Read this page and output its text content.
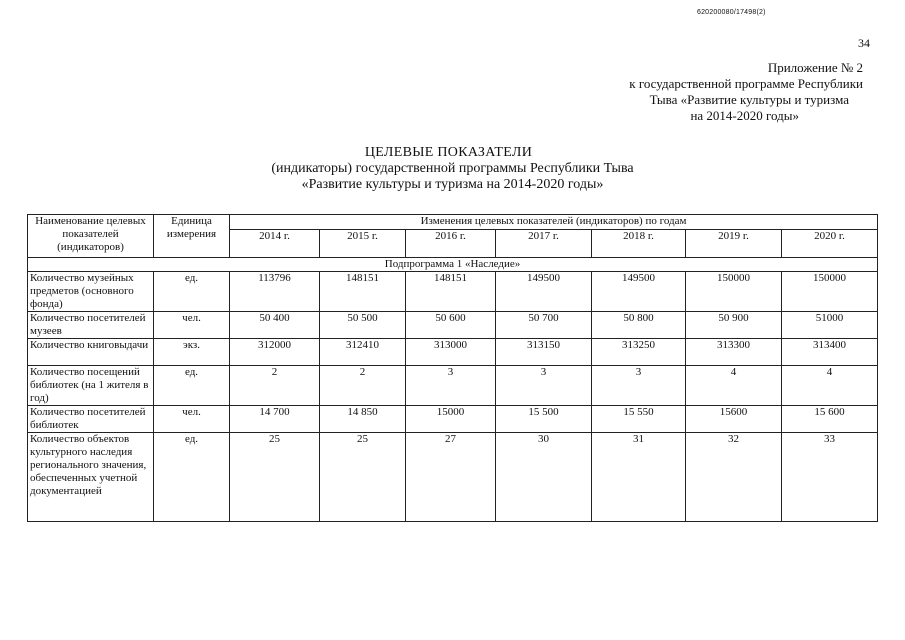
620200080/17498(2)
34
Приложение № 2
к государственной программе Республики
Тыва «Развитие культуры и туризма
на 2014-2020 годы»
ЦЕЛЕВЫЕ ПОКАЗАТЕЛИ
(индикаторы) государственной программы Республики Тыва
«Развитие культуры и туризма на 2014-2020 годы»
Наименование целевых показателей (индикаторов)	Единица измерения	Изменения целевых показателей (индикаторов) по годам						
		2014 г.	2015 г.	2016 г.	2017 г.	2018 г.	2019 г.	2020 г.
Подпрограмма 1 «Наследие»								
Количество музейных предметов (основного фонда)	ед.	113796	148151	148151	149500	149500	150000	150000
Количество посетителей музеев	чел.	50 400	50 500	50 600	50 700	50 800	50 900	51000
Количество книговыдачи	экз.	312000	312410	313000	313150	313250	313300	313400
Количество посещений библиотек (на 1 жителя в год)	ед.	2	2	3	3	3	4	4
Количество посетителей библиотек	чел.	14 700	14 850	15000	15 500	15 550	15600	15 600
Количество объектов культурного наследия регионального значения, обеспеченных учетной документацией	ед.	25	25	27	30	31	32	33
